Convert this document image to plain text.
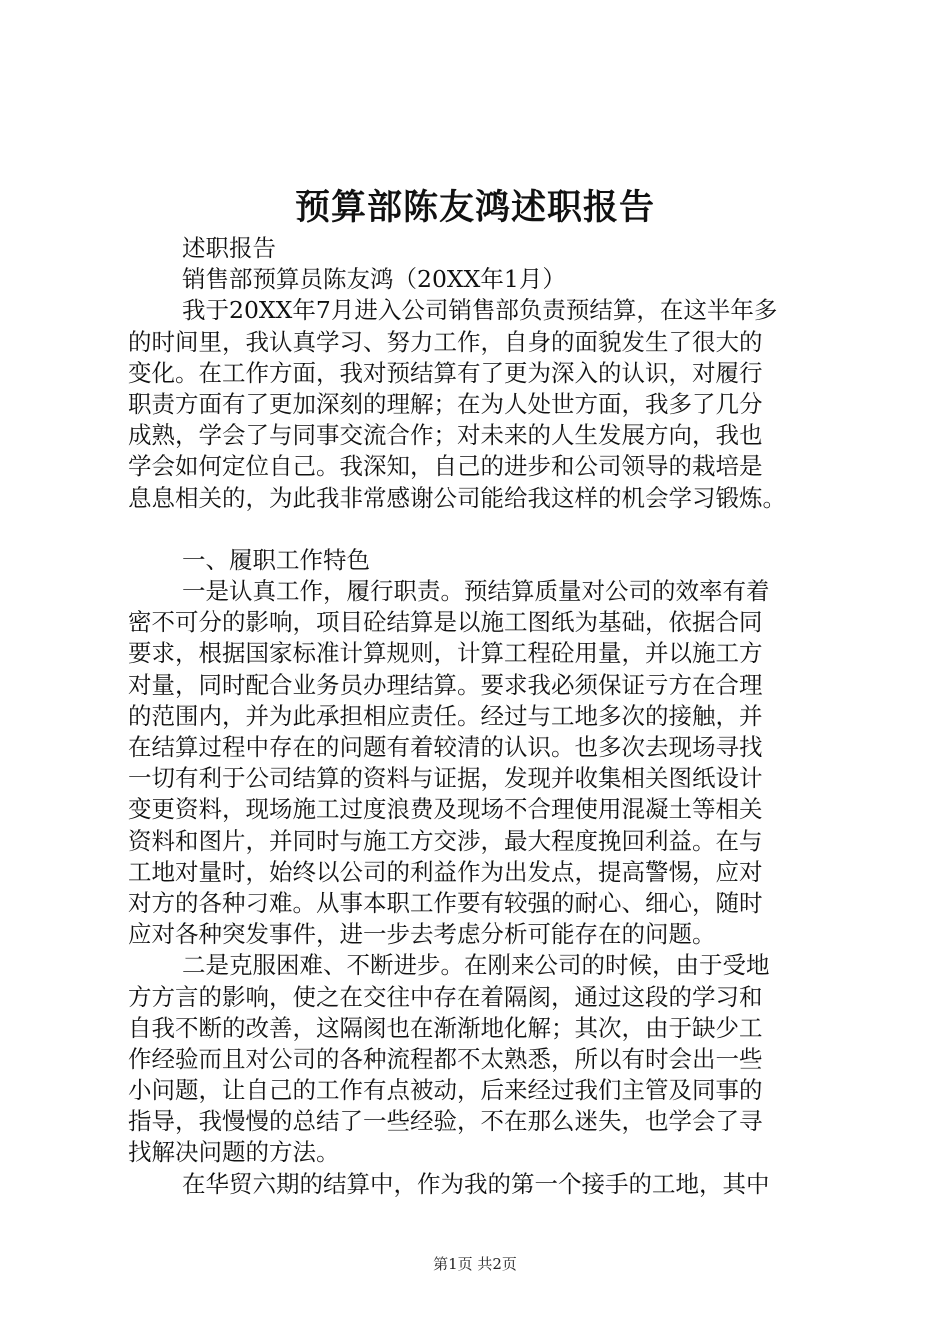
预算部陈友鸿述职报告
述职报告
销售部预算员陈友鸿（20XX年1月）
我于20XX年7月进入公司销售部负责预结算，在这半年多
的时间里，我认真学习、努力工作，自身的面貌发生了很大的
变化。在工作方面，我对预结算有了更为深入的认识，对履行
职责方面有了更加深刻的理解；在为人处世方面，我多了几分
成熟，学会了与同事交流合作；对未来的人生发展方向，我也
学会如何定位自己。我深知，自己的进步和公司领导的栽培是
息息相关的，为此我非常感谢公司能给我这样的机会学习锻炼。
一、履职工作特色
一是认真工作，履行职责。预结算质量对公司的效率有着
密不可分的影响，项目砼结算是以施工图纸为基础，依据合同
要求，根据国家标准计算规则，计算工程砼用量，并以施工方
对量，同时配合业务员办理结算。要求我必须保证亏方在合理
的范围内，并为此承担相应责任。经过与工地多次的接触，并
在结算过程中存在的问题有着较清的认识。也多次去现场寻找
一切有利于公司结算的资料与证据，发现并收集相关图纸设计
变更资料，现场施工过度浪费及现场不合理使用混凝土等相关
资料和图片，并同时与施工方交涉，最大程度挽回利益。在与
工地对量时，始终以公司的利益作为出发点，提高警惕，应对
对方的各种刁难。从事本职工作要有较强的耐心、细心，随时
应对各种突发事件，进一步去考虑分析可能存在的问题。
二是克服困难、不断进步。在刚来公司的时候，由于受地
方方言的影响，使之在交往中存在着隔阂，通过这段的学习和
自我不断的改善，这隔阂也在渐渐地化解；其次，由于缺少工
作经验而且对公司的各种流程都不太熟悉，所以有时会出一些
小问题，让自己的工作有点被动，后来经过我们主管及同事的
指导，我慢慢的总结了一些经验，不在那么迷失，也学会了寻
找解决问题的方法。
在华贸六期的结算中，作为我的第一个接手的工地，其中
第1页 共2页
